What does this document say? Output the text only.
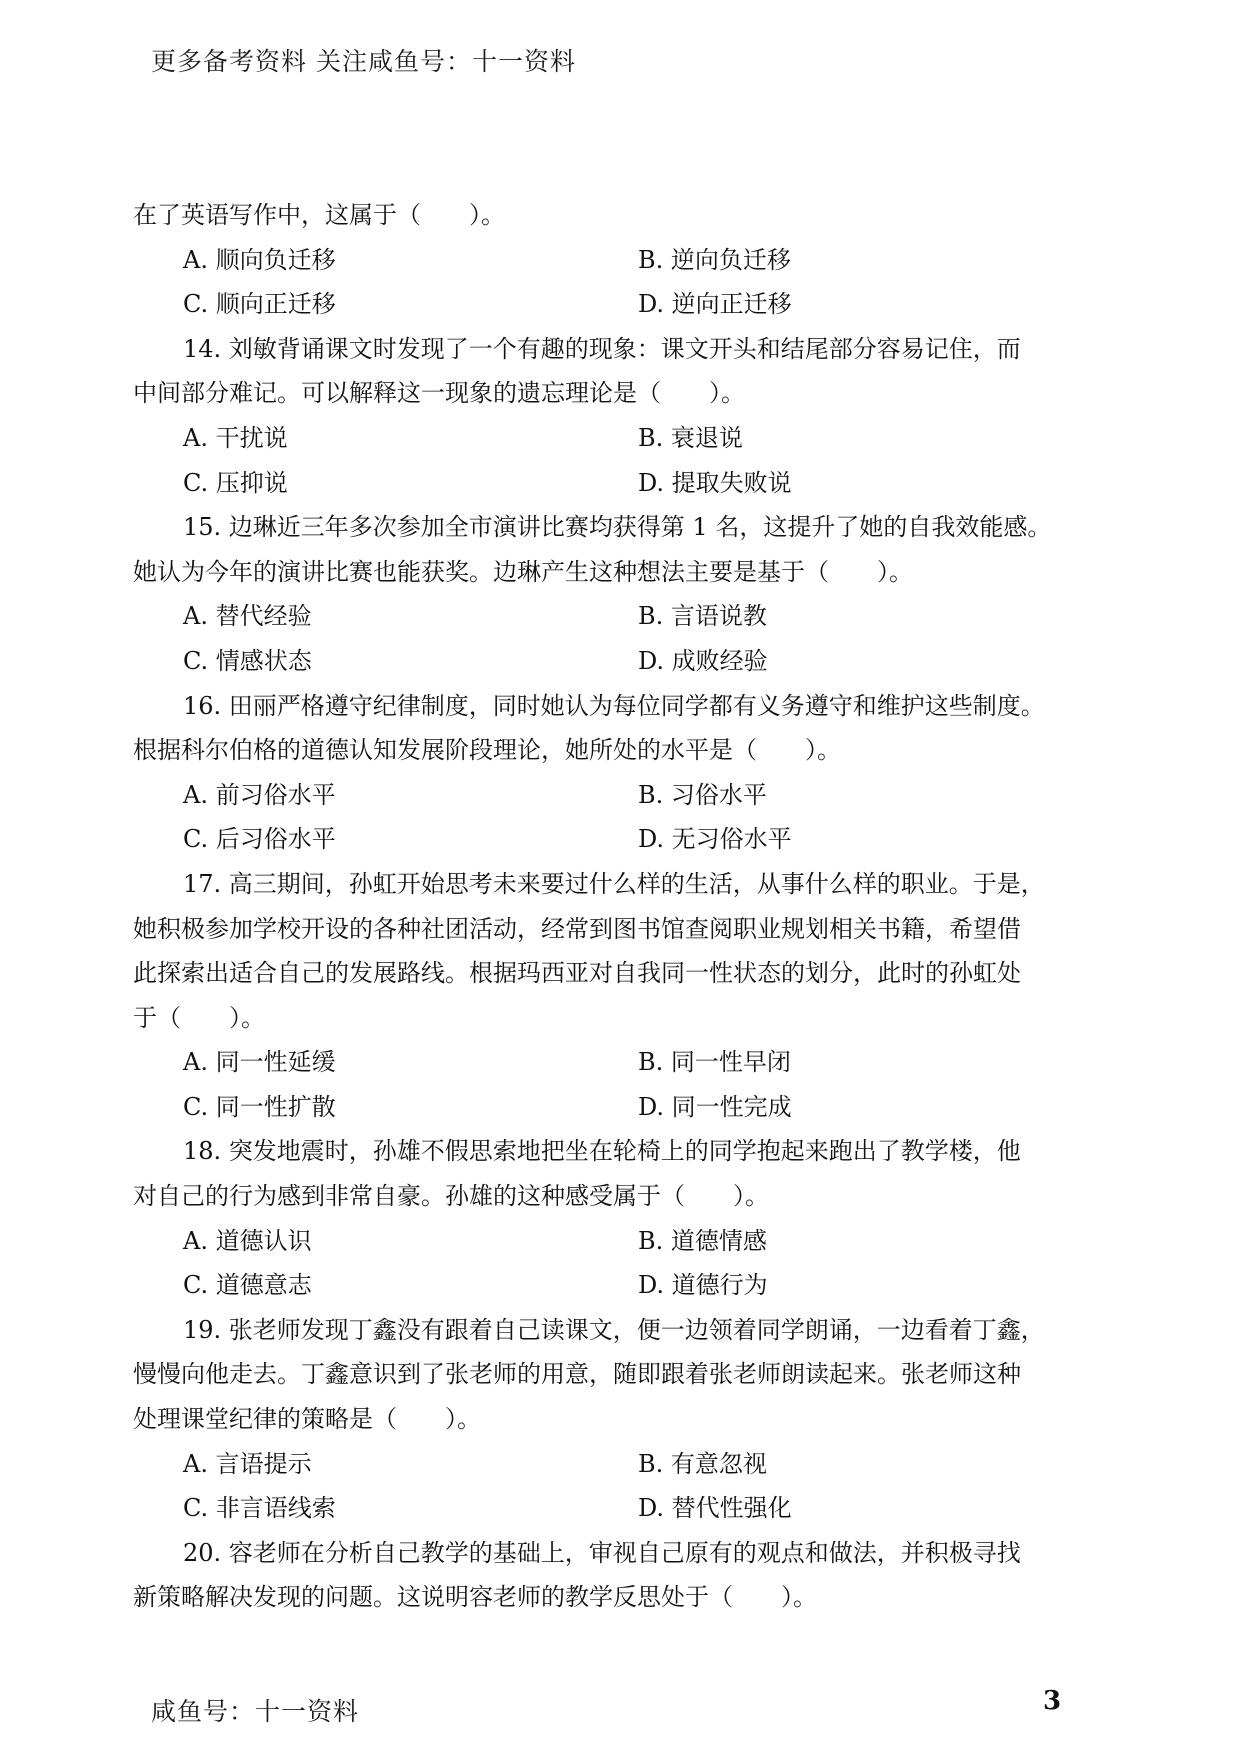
更多备考资料 关注咸鱼号：十一资料
在了英语写作中，这属于（　　）。
A. 顺向负迁移	B. 逆向负迁移
C. 顺向正迁移	D. 逆向正迁移
14. 刘敏背诵课文时发现了一个有趣的现象：课文开头和结尾部分容易记住，而
中间部分难记。可以解释这一现象的遗忘理论是（　　）。
A. 干扰说	B. 衰退说
C. 压抑说	D. 提取失败说
15. 边琳近三年多次参加全市演讲比赛均获得第 1 名，这提升了她的自我效能感。
她认为今年的演讲比赛也能获奖。边琳产生这种想法主要是基于（　　）。
A. 替代经验	B. 言语说教
C. 情感状态	D. 成败经验
16. 田丽严格遵守纪律制度，同时她认为每位同学都有义务遵守和维护这些制度。
根据科尔伯格的道德认知发展阶段理论，她所处的水平是（　　）。
A. 前习俗水平	B. 习俗水平
C. 后习俗水平	D. 无习俗水平
17. 高三期间，孙虹开始思考未来要过什么样的生活，从事什么样的职业。于是，
她积极参加学校开设的各种社团活动，经常到图书馆查阅职业规划相关书籍，希望借
此探索出适合自己的发展路线。根据玛西亚对自我同一性状态的划分，此时的孙虹处
于（　　）。
A. 同一性延缓	B. 同一性早闭
C. 同一性扩散	D. 同一性完成
18. 突发地震时，孙雄不假思索地把坐在轮椅上的同学抱起来跑出了教学楼，他
对自己的行为感到非常自豪。孙雄的这种感受属于（　　）。
A. 道德认识	B. 道德情感
C. 道德意志	D. 道德行为
19. 张老师发现丁鑫没有跟着自己读课文，便一边领着同学朗诵，一边看着丁鑫，
慢慢向他走去。丁鑫意识到了张老师的用意，随即跟着张老师朗读起来。张老师这种
处理课堂纪律的策略是（　　）。
A. 言语提示	B. 有意忽视
C. 非言语线索	D. 替代性强化
20. 容老师在分析自己教学的基础上，审视自己原有的观点和做法，并积极寻找
新策略解决发现的问题。这说明容老师的教学反思处于（　　）。
咸鱼号：十一资料	3
